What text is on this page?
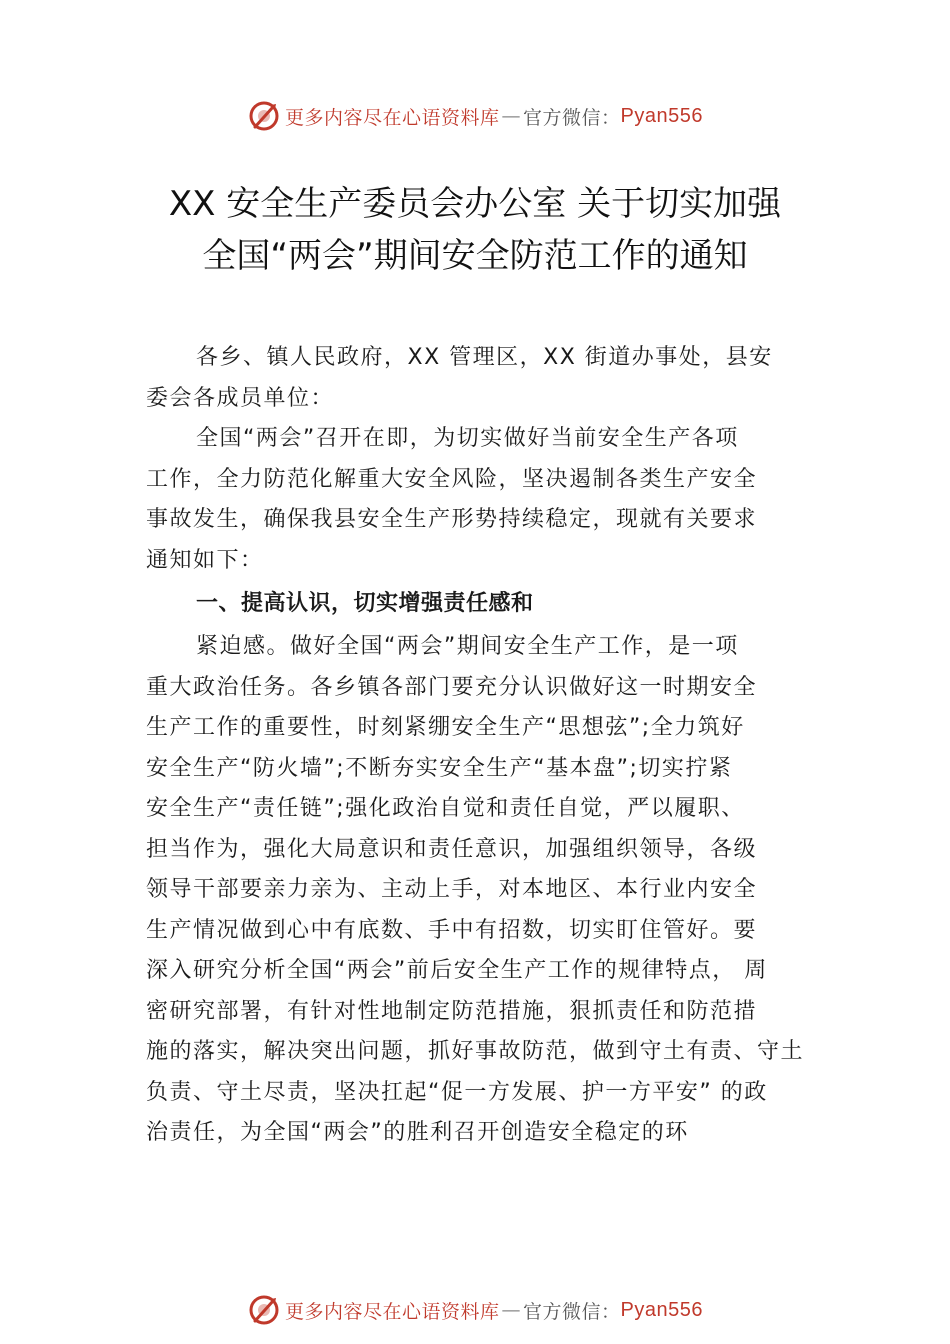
更多内容尽在心语资料库 — 官方微信： Pyan556
XX 安全生产委员会办公室 关于切实加强
全国“两会”期间安全防范工作的通知
各乡、镇人民政府，XX 管理区，XX 街道办事处，县安
委会各成员单位：
全国“两会”召开在即，为切实做好当前安全生产各项
工作，全力防范化解重大安全风险，坚决遏制各类生产安全
事故发生，确保我县安全生产形势持续稳定，现就有关要求
通知如下：
一、提高认识，切实增强责任感和
紧迫感。做好全国“两会”期间安全生产工作，是一项
重大政治任务。各乡镇各部门要充分认识做好这一时期安全
生产工作的重要性，时刻紧绷安全生产“思想弦”;全力筑好
安全生产“防火墙”;不断夯实安全生产“基本盘”;切实拧紧
安全生产“责任链”;强化政治自觉和责任自觉，严以履职、
担当作为，强化大局意识和责任意识，加强组织领导，各级
领导干部要亲力亲为、主动上手，对本地区、本行业内安全
生产情况做到心中有底数、手中有招数，切实盯住管好。要
深入研究分析全国“两会”前后安全生产工作的规律特点， 周
密研究部署，有针对性地制定防范措施，狠抓责任和防范措
施的落实，解决突出问题，抓好事故防范，做到守土有责、守土
负责、守土尽责，坚决扛起“促一方发展、护一方平安” 的政
治责任，为全国“两会”的胜利召开创造安全稳定的环
更多内容尽在心语资料库 — 官方微信： Pyan556
